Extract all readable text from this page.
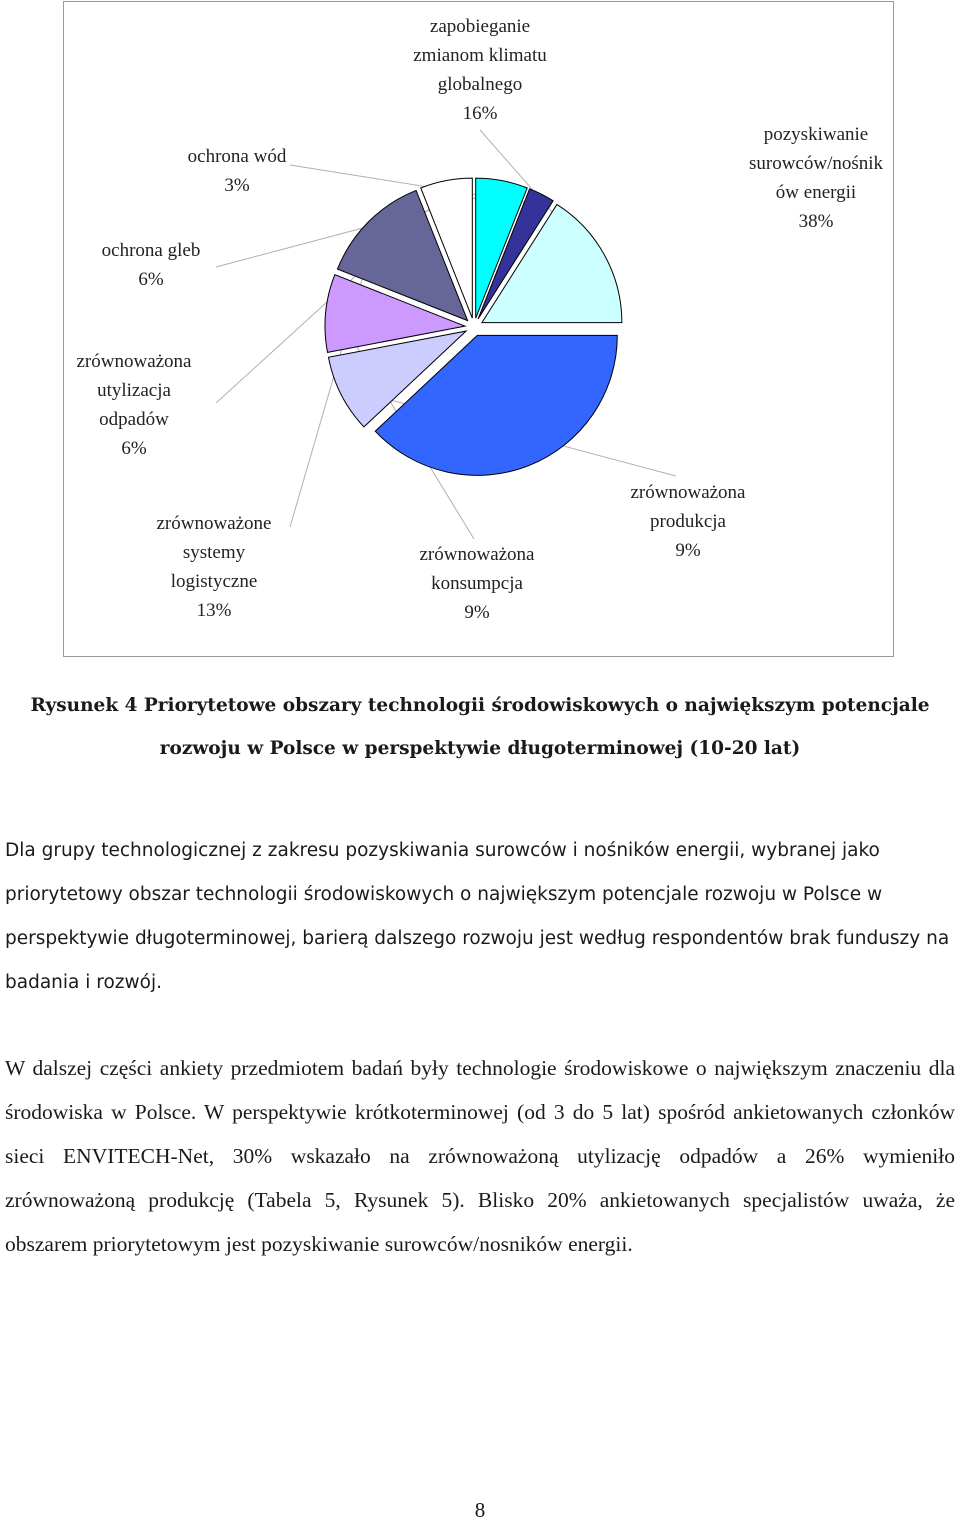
pozyskiwanie
surowców/nośnik
ów energii
38%
zrównoważona
produkcja
9%
zrównoważona
konsumpcja
9%
zrównoważone
systemy
logistyczne
13%
zrównoważona
utylizacja
odpadów
6%
ochrona gleb
6%
ochrona wód
3%
zapobieganie
zmianom klimatu
globalnego
16%
Rysunek 4 Priorytetowe obszary technologii środowiskowych o największym potencjale
rozwoju w Polsce w perspektywie długoterminowej (10-20 lat)
Dla grupy technologicznej z zakresu pozyskiwania surowców i nośników energii, wybranej jako priorytetowy obszar technologii środowiskowych o największym potencjale rozwoju w Polsce w perspektywie długoterminowej, barierą dalszego rozwoju jest według respondentów brak funduszy na badania i rozwój.
W dalszej części ankiety przedmiotem badań były technologie środowiskowe o największym znaczeniu dla środowiska w Polsce. W perspektywie krótkoterminowej (od 3 do 5 lat) spośród ankietowanych członków sieci ENVITECH-Net, 30% wskazało na zrównoważoną utylizację odpadów a 26% wymieniło zrównoważoną produkcję (Tabela 5, Rysunek 5). Blisko 20% ankietowanych specjalistów uważa, że obszarem priorytetowym jest pozyskiwanie surowców/nosników energii.
8
